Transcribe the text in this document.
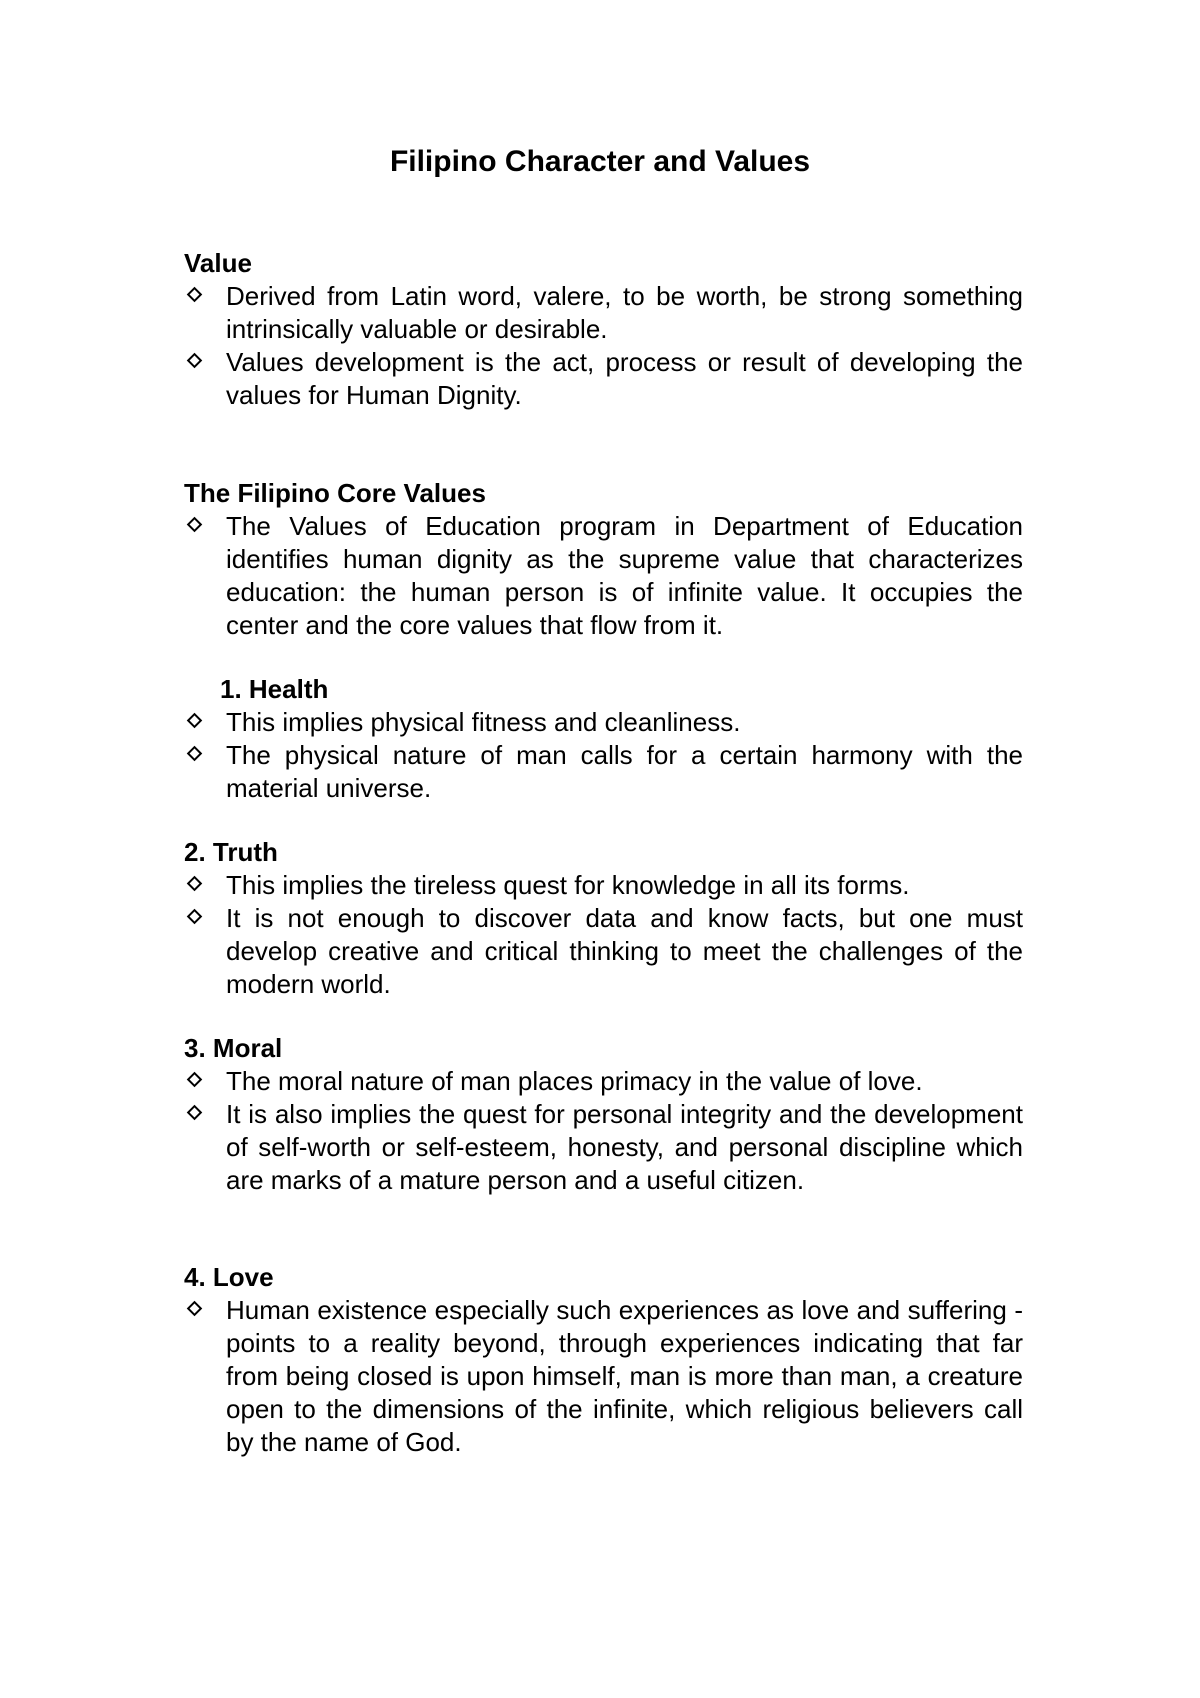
Filipino Character and Values
Value
Derived from Latin word, valere, to be worth, be strong something intrinsically valuable or desirable.
Values development is the act, process or result of developing the values for Human Dignity.
The Filipino Core Values
The Values of Education program in Department of Education identifies human dignity as the supreme value that characterizes education: the human person is of infinite value. It occupies the center and the core values that flow from it.
1. Health
This implies physical fitness and cleanliness.
The physical nature of man calls for a certain harmony with the material universe.
2. Truth
This implies the tireless quest for knowledge in all its forms.
It is not enough to discover data and know facts, but one must develop creative and critical thinking to meet the challenges of the modern world.
3. Moral
The moral nature of man places primacy in the value of love.
It is also implies the quest for personal integrity and the development of self-worth or self-esteem, honesty, and personal discipline which are marks of a mature person and a useful citizen.
4. Love
Human existence especially such experiences as love and suffering - points to a reality beyond, through experiences indicating that far from being closed is upon himself, man is more than man, a creature open to the dimensions of the infinite, which religious believers call by the name of God.
